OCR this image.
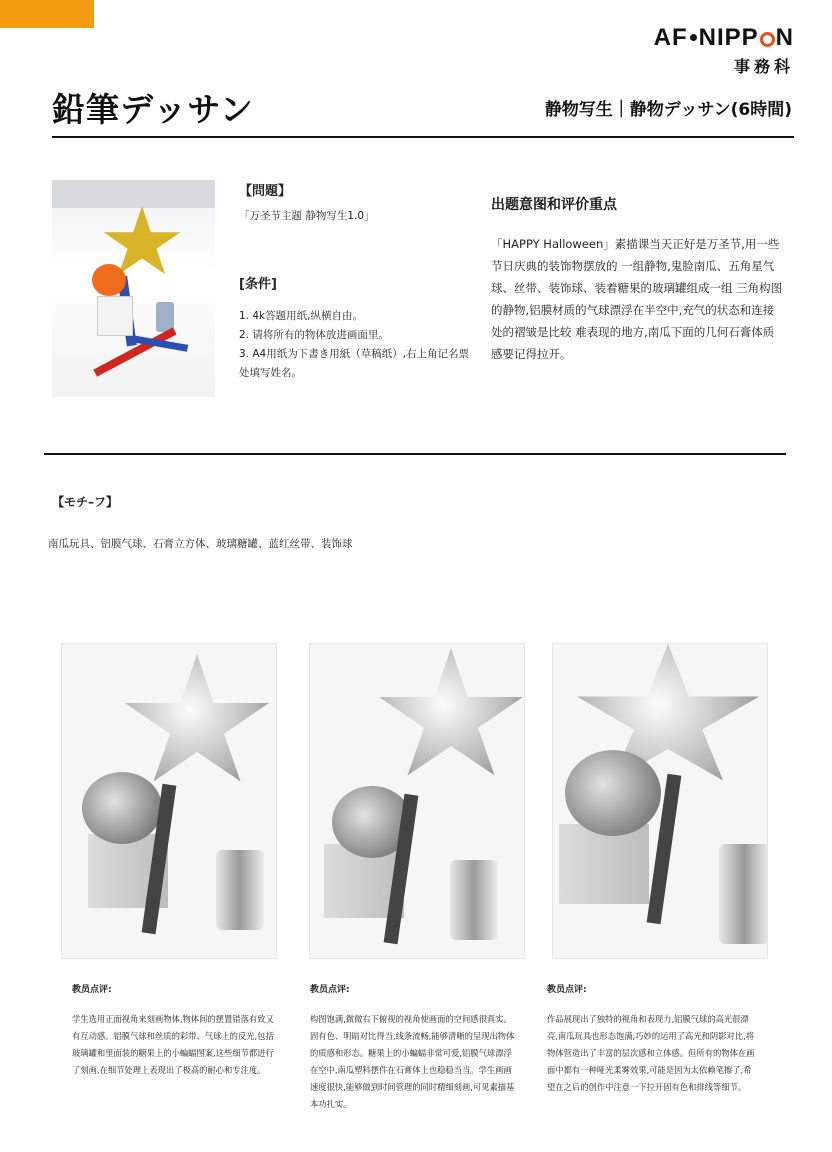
AF NIPP N
事務科
鉛筆デッサン	静物写生｜静物デッサン(6時間)
【問題】
「万圣节主题 静物写生1.0」
[条件]
1. 4k答题用纸,纵横自由。
2. 请将所有的物体放进画面里。
3. A4用纸为下書き用紙（草稿纸）,右上角记名票处填写姓名。
出题意图和评价重点
「HAPPY Halloween」素描课当天正好是万圣节,用一些节日庆典的装饰物摆放的 一组静物,鬼脸南瓜、五角星气球、丝带、装饰球、装着糖果的玻璃罐组成一组 三角构图的静物,铝膜材质的气球漂浮在半空中,充气的状态和连接处的褶皱是比较 难表现的地方,南瓜下面的几何石膏体质感要记得拉开。
【モチ–フ】
南瓜玩具、铝膜气球、石膏立方体、玻璃糖罐、蓝红丝带、装饰球
教员点评:
学生选用正面视角来刻画物体,物体间的摆置错落有致又有互动感。铝膜气球和丝质的彩带、气球上的反光,包括玻璃罐和里面装的糖果上的小蝙蝠图案,这些细节都进行了刻画,在细节处理上表现出了极高的耐心和专注度。
教员点评:
构图饱满,微微右下俯视的视角使画面的空间感很真实。固有色、明暗对比得当,线条流畅,能够清晰的呈现出物体的质感和形态。糖果上的小蝙蝠非常可爱,铝膜气球漂浮在空中,南瓜塑料摆件在石膏体上也稳稳当当。学生画画速度很快,能够做到时间管理的同时精细刻画,可见素描基本功扎实。
教员点评:
作品展现出了独特的视角和表现力,铝膜气球的高光很漂亮,南瓜玩具也形态饱满,巧妙的运用了高光和阴影对比,将物体营造出了丰富的层次感和立体感。但所有的物体在画面中都有一种哑光柔雾效果,可能是因为太依赖笔擦了,希望在之后的创作中注意一下拉开固有色和排线等细节。
